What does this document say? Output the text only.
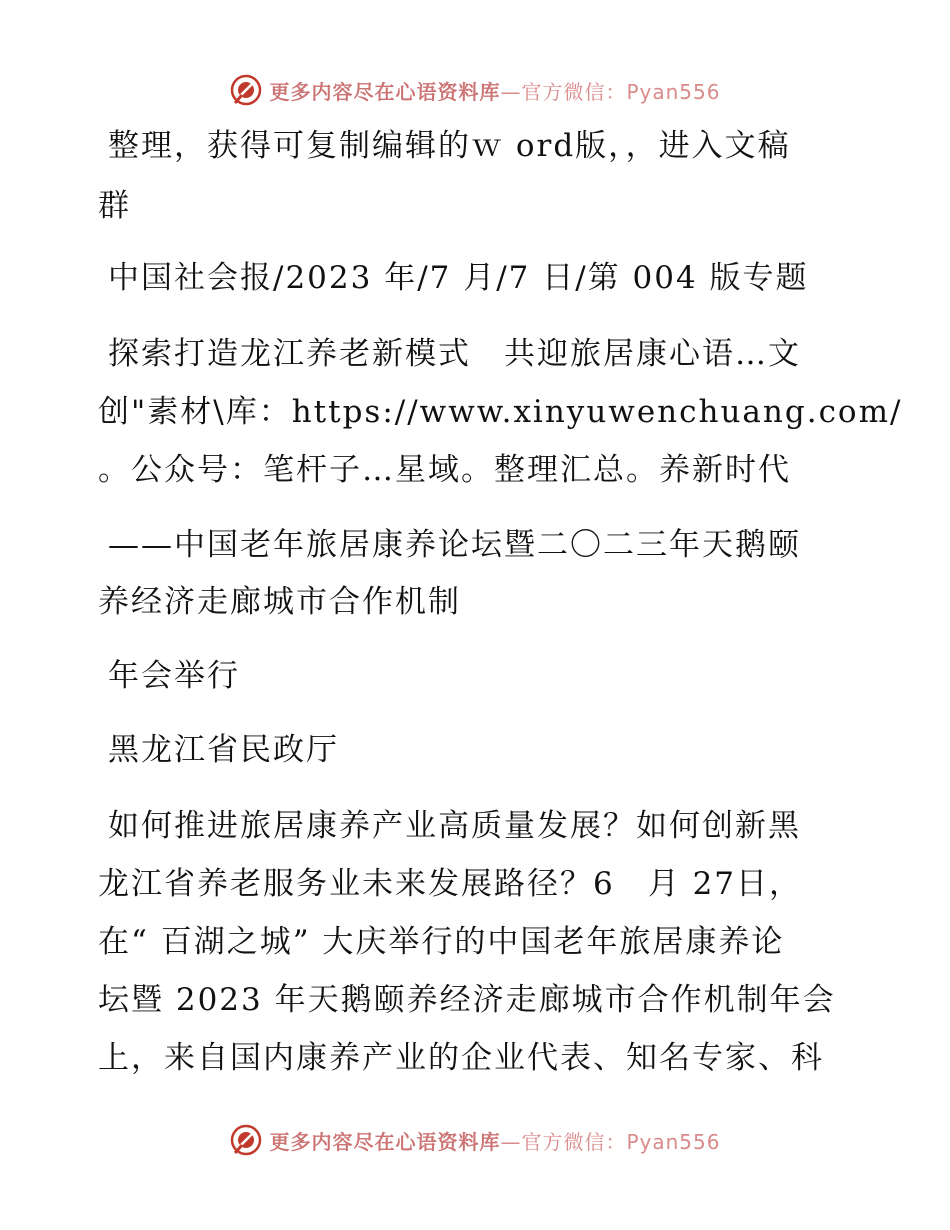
更多内容尽在心语资料库—官方微信：Pyan556
整理，获得可复制编辑的ｗ ord版，，进入文稿
群
中国社会报/2023 年/7 月/7 日/第 004 版专题
探索打造龙江养老新模式　共迎旅居康心语…文
创"素材\库：https://www.xinyuwenchuang.com/
。公众号：笔杆子…星域。整理汇总。养新时代
——中国老年旅居康养论坛暨二〇二三年天鹅颐
养经济走廊城市合作机制
年会举行
黑龙江省民政厅
如何推进旅居康养产业高质量发展？如何创新黑
龙江省养老服务业未来发展路径？6　月 27日，
在“ 百湖之城” 大庆举行的中国老年旅居康养论
坛暨 2023 年天鹅颐养经济走廊城市合作机制年会
上，来自国内康养产业的企业代表、知名专家、科
更多内容尽在心语资料库—官方微信：Pyan556
